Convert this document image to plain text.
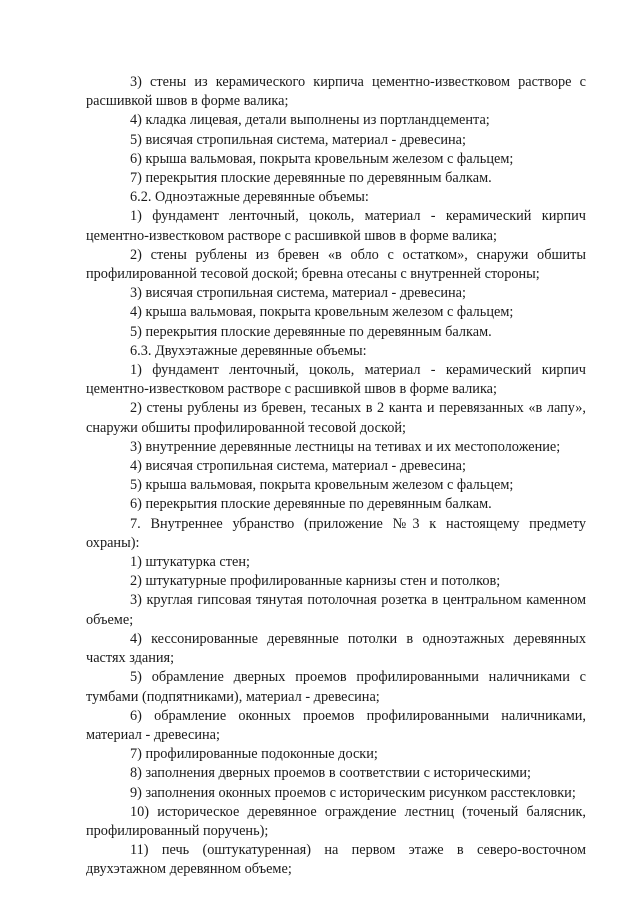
3) стены из керамического кирпича цементно-известковом растворе с расшивкой швов в форме валика;

4) кладка лицевая, детали выполнены из портландцемента;

5) висячая стропильная система, материал - древесина;

6) крыша вальмовая, покрыта кровельным железом с фальцем;

7) перекрытия плоские деревянные по деревянным балкам.

6.2. Одноэтажные деревянные объемы:

1) фундамент ленточный, цоколь, материал - керамический кирпич цементно-известковом растворе с расшивкой швов в форме валика;

2) стены рублены из бревен «в обло с остатком», снаружи обшиты профилированной тесовой доской; бревна отесаны с внутренней стороны;

3) висячая стропильная система, материал - древесина;

4) крыша вальмовая, покрыта кровельным железом с фальцем;

5) перекрытия плоские деревянные по деревянным балкам.

6.3. Двухэтажные деревянные объемы:

1) фундамент ленточный, цоколь, материал - керамический кирпич цементно-известковом растворе с расшивкой швов в форме валика;

2) стены рублены из бревен, тесаных в 2 канта и перевязанных «в лапу», снаружи обшиты профилированной тесовой доской;

3) внутренние деревянные лестницы на тетивах и их местоположение;

4) висячая стропильная система, материал - древесина;

5) крыша вальмовая, покрыта кровельным железом с фальцем;

6) перекрытия плоские деревянные по деревянным балкам.

7. Внутреннее убранство (приложение №3 к настоящему предмету охраны):

1) штукатурка стен;

2) штукатурные профилированные карнизы стен и потолков;

3) круглая гипсовая тянутая потолочная розетка в центральном каменном объеме;

4) кессонированные деревянные потолки в одноэтажных деревянных частях здания;

5) обрамление дверных проемов профилированными наличниками с тумбами (подпятниками), материал - древесина;

6) обрамление оконных проемов профилированными наличниками, материал - древесина;

7) профилированные подоконные доски;

8) заполнения дверных проемов в соответствии с историческими;

9) заполнения оконных проемов с историческим рисунком расстекловки;

10) историческое деревянное ограждение лестниц (точеный балясник, профилированный поручень);

11) печь (оштукатуренная) на первом этаже в северо-восточном двухэтажном деревянном объеме;
